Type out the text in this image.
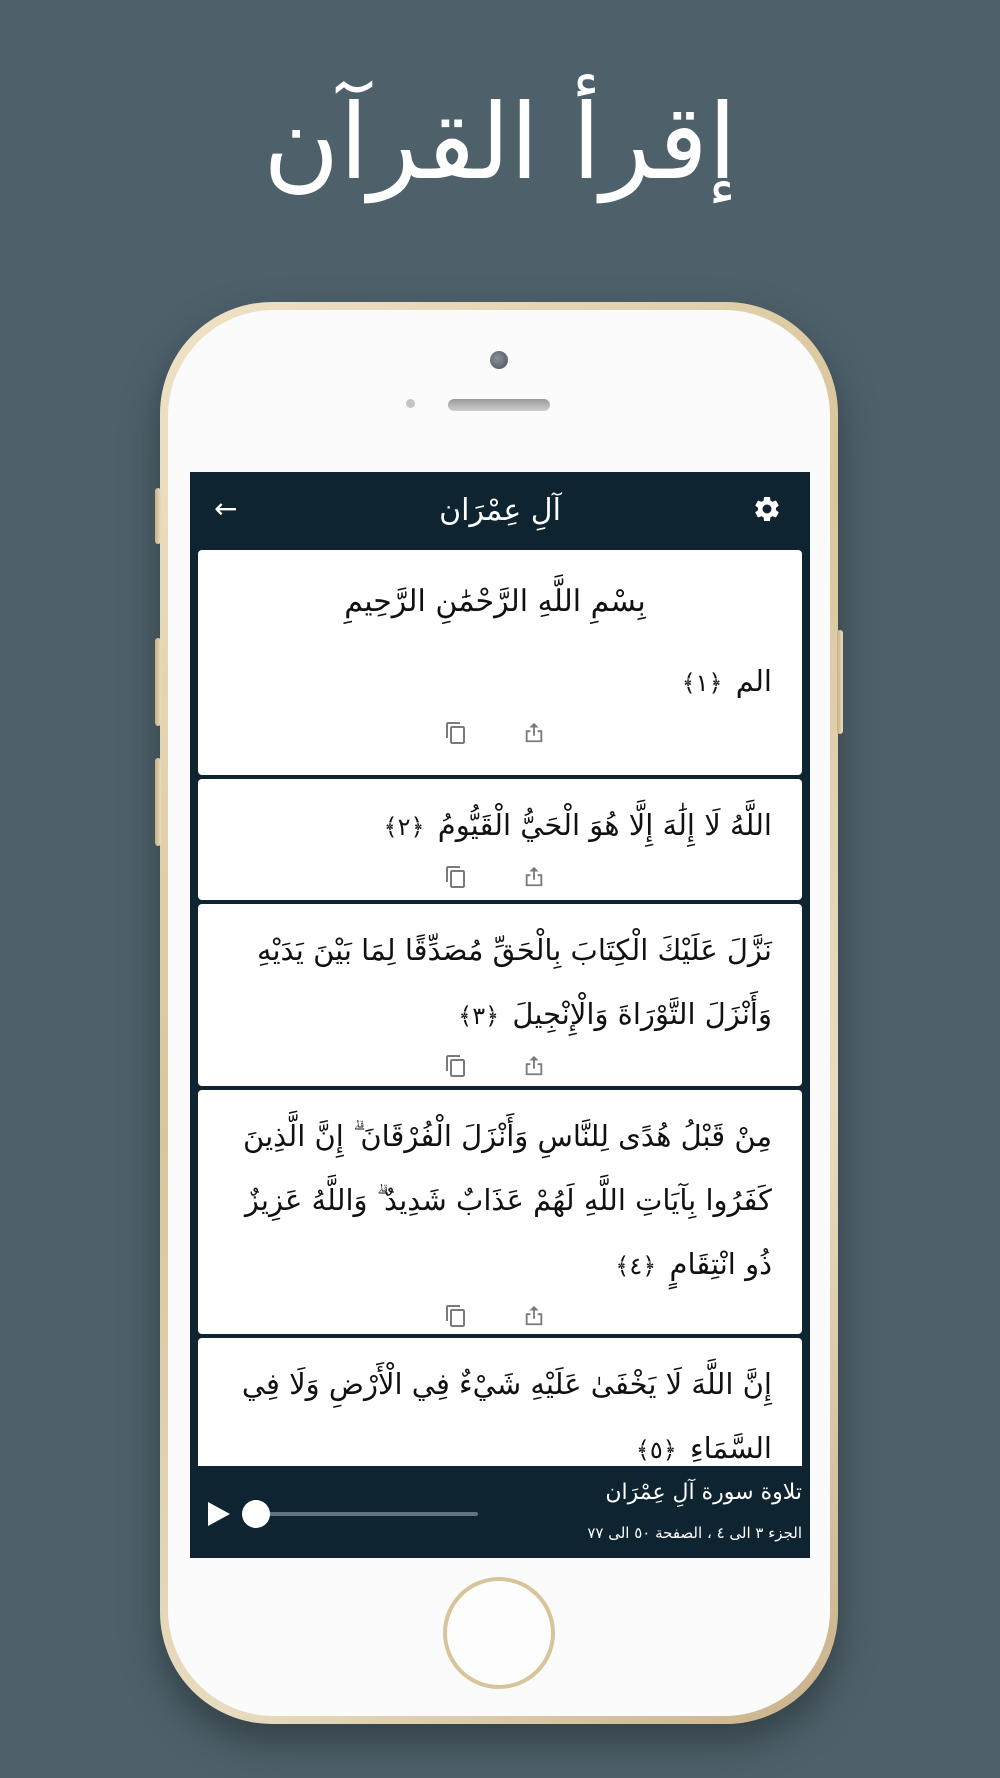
إقرأ القرآن
←	آلِ عِمْرَان
بِسْمِ اللَّهِ الرَّحْمَٰنِ الرَّحِيمِ
الم ﴿١﴾
اللَّهُ لَا إِلَٰهَ إِلَّا هُوَ الْحَيُّ الْقَيُّومُ ﴿٢﴾
نَزَّلَ عَلَيْكَ الْكِتَابَ بِالْحَقِّ مُصَدِّقًا لِمَا بَيْنَ يَدَيْهِ وَأَنْزَلَ التَّوْرَاةَ وَالْإِنْجِيلَ ﴿٣﴾
مِنْ قَبْلُ هُدًى لِلنَّاسِ وَأَنْزَلَ الْفُرْقَانَ ۗ إِنَّ الَّذِينَ كَفَرُوا بِآيَاتِ اللَّهِ لَهُمْ عَذَابٌ شَدِيدٌ ۗ وَاللَّهُ عَزِيزٌ ذُو انْتِقَامٍ ﴿٤﴾
إِنَّ اللَّهَ لَا يَخْفَىٰ عَلَيْهِ شَيْءٌ فِي الْأَرْضِ وَلَا فِي السَّمَاءِ ﴿٥﴾
تلاوة سورة آلِ عِمْرَان
الجزء ٣ الى ٤ ، الصفحة ٥٠ الى ٧٧
